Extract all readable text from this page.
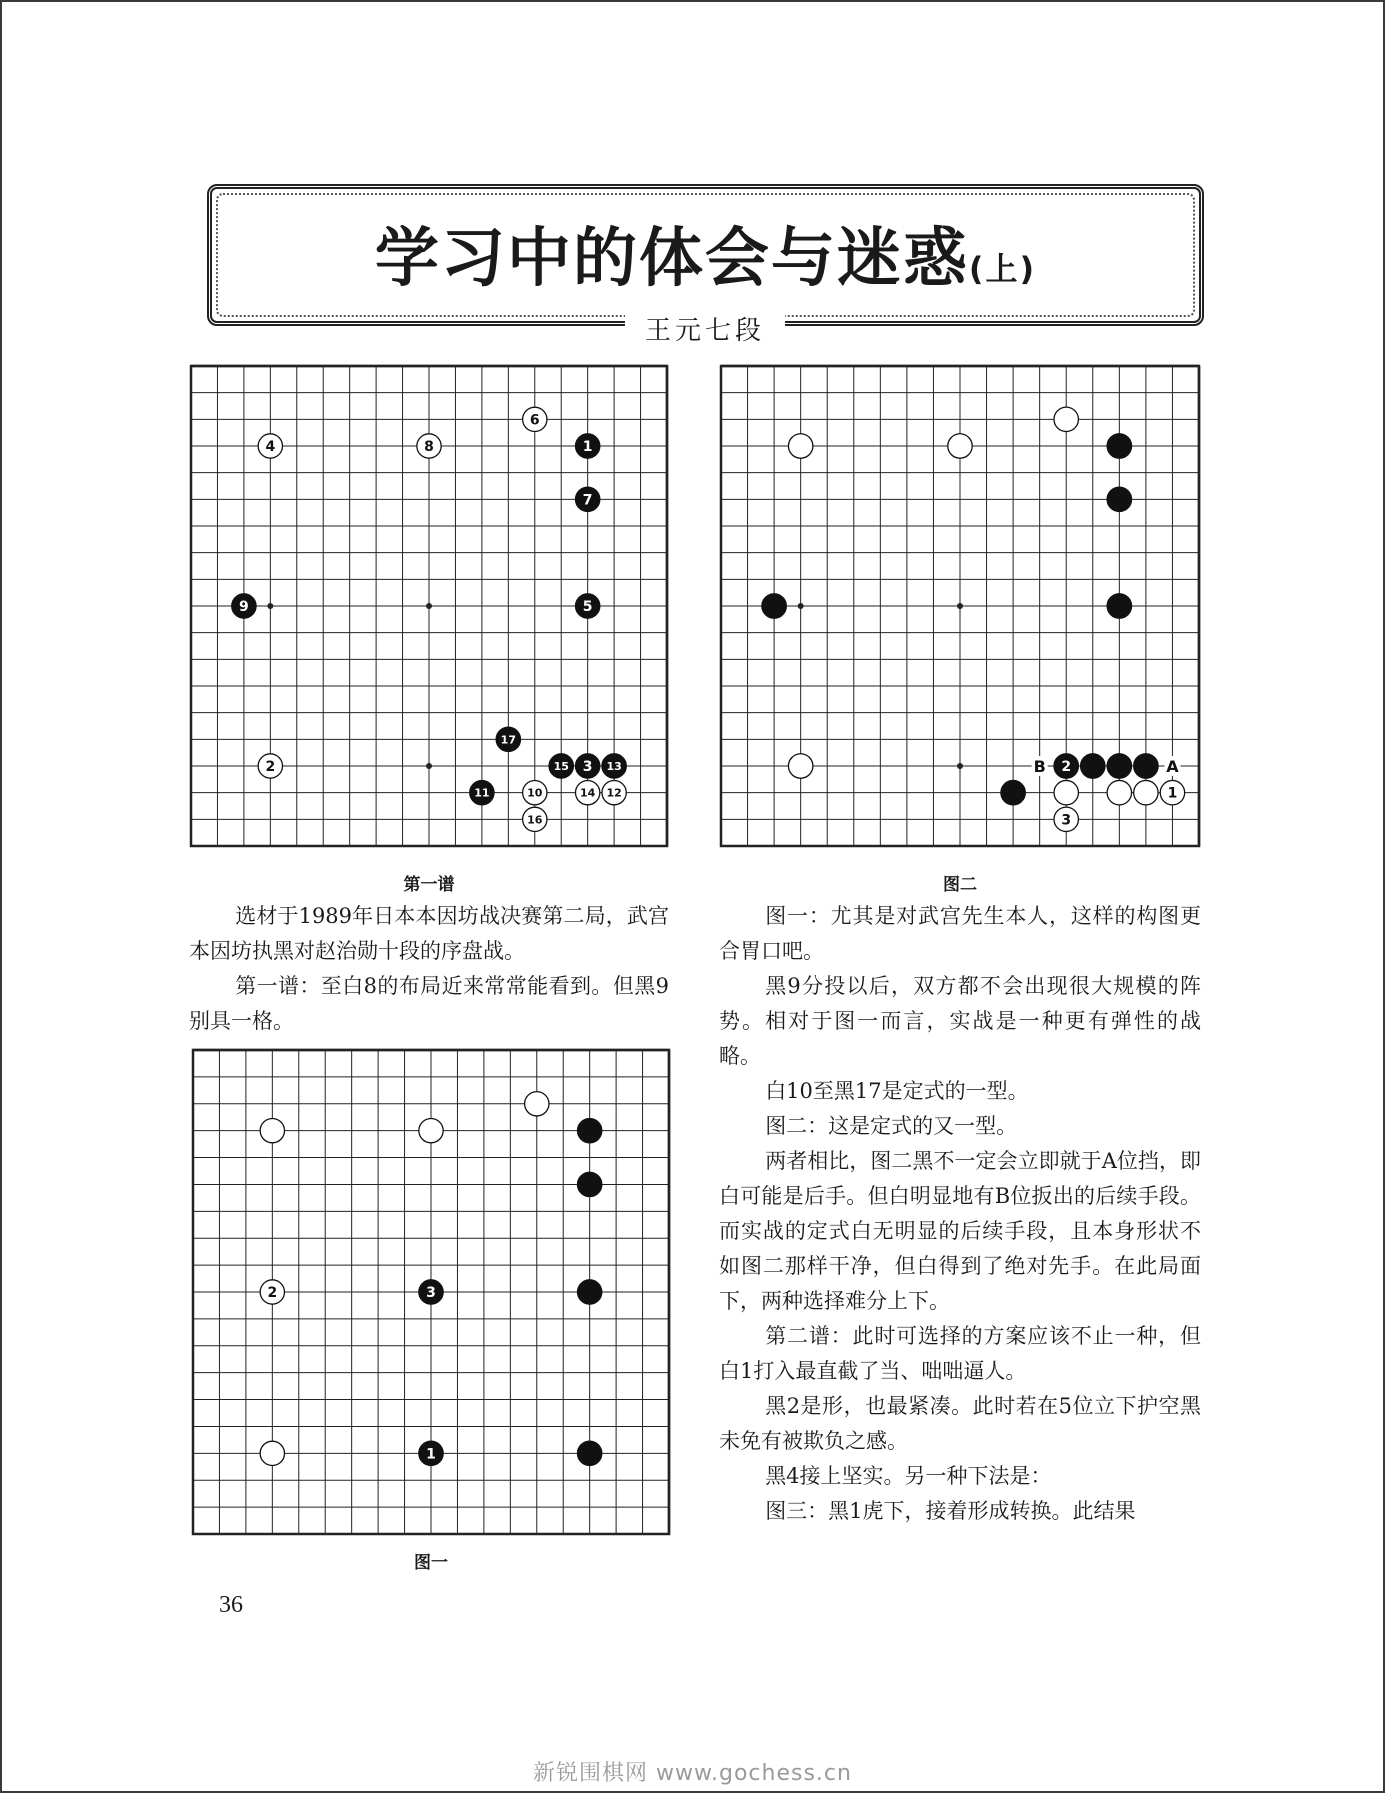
学习中的体会与迷惑(上)
王元七段
1
2	3
4
5
6
7
8
9
10
11	12
13
14
15
16
17
第一谱
B	A
2
1
3
图二

选材于1989年日本本因坊战决赛第二局，武宫本因坊执黑对赵治勋十段的序盘战。

第一谱：至白8的布局近来常常能看到。但黑9别具一格。

2	3
1
图一

图一：尤其是对武宫先生本人，这样的构图更合胃口吧。

黑9分投以后，双方都不会出现很大规模的阵势。相对于图一而言，实战是一种更有弹性的战略。

白10至黑17是定式的一型。

图二：这是定式的又一型。

两者相比，图二黑不一定会立即就于A位挡，即白可能是后手。但白明显地有B位扳出的后续手段。而实战的定式白无明显的后续手段，且本身形状不如图二那样干净，但白得到了绝对先手。在此局面下，两种选择难分上下。

第二谱：此时可选择的方案应该不止一种，但白1打入最直截了当、咄咄逼人。

黑2是形，也最紧凑。此时若在5位立下护空黑未免有被欺负之感。

黑4接上坚实。另一种下法是：

图三：黑1虎下，接着形成转换。此结果

36
新锐围棋网 www.gochess.cn
